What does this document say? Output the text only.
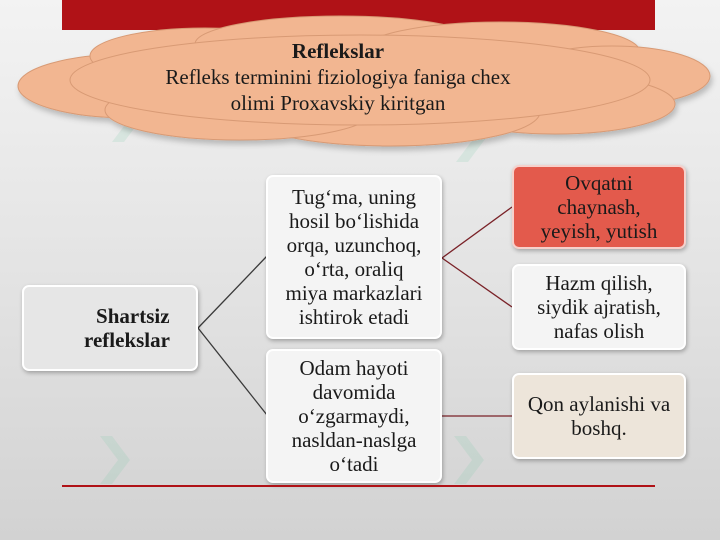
Reflekslar
Refleks terminini fiziologiya faniga chex
olimi Proxavskiy kiritgan
Shartsiz
reflekslar
Tug‘ma, uning
hosil bo‘lishida
orqa, uzunchoq,
o‘rta, oraliq
miya markazlari
ishtirok etadi
Odam hayoti
davomida
o‘zgarmaydi,
nasldan-naslga
o‘tadi
Ovqatni
chaynash,
yeyish, yutish
Hazm qilish,
siydik ajratish,
nafas olish
Qon aylanishi va
boshq.
